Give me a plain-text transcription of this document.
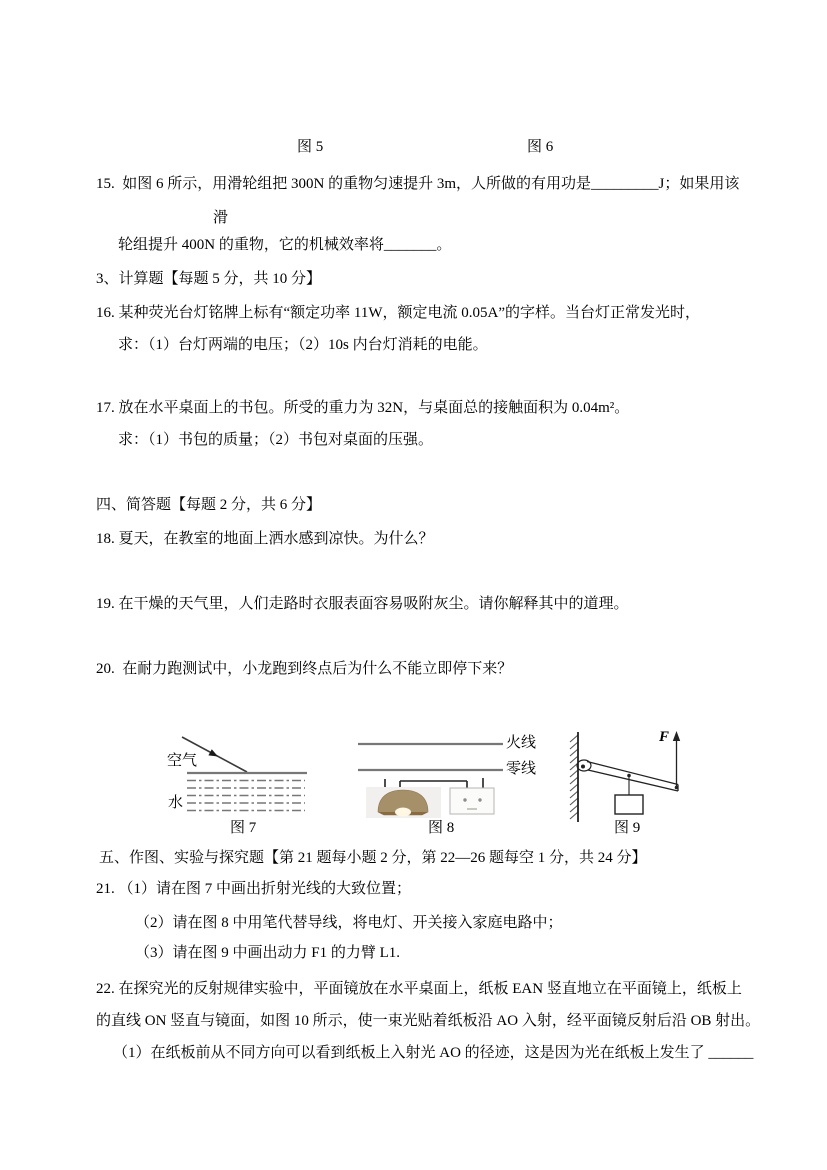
图 5	图 6
15.  如图 6 所示，用滑轮组把 300N 的重物匀速提升 3m，人所做的有用功是_________J；如果用该
滑
轮组提升 400N 的重物，它的机械效率将_______。
3、计算题【每题 5 分，共 10 分】
16. 某种荧光台灯铭牌上标有“额定功率 11W，额定电流 0.05A”的字样。当台灯正常发光时，
求：（1）台灯两端的电压；（2）10s 内台灯消耗的电能。
17. 放在水平桌面上的书包。所受的重力为 32N，与桌面总的接触面积为 0.04m²。
求：（1）书包的质量；（2）书包对桌面的压强。
四、简答题【每题 2 分，共 6 分】
18. 夏天，在教室的地面上洒水感到凉快。为什么？
19. 在干燥的天气里，人们走路时衣服表面容易吸附灰尘。请你解释其中的道理。
20.  在耐力跑测试中，小龙跑到终点后为什么不能立即停下来？
空气
水
图 7
火线
零线
图 8
F
图 9
五、作图、实验与探究题【第 21 题每小题 2 分，第 22—26 题每空 1 分，共 24 分】
21. （1）请在图 7 中画出折射光线的大致位置；
（2）请在图 8 中用笔代替导线，将电灯、开关接入家庭电路中；
（3）请在图 9 中画出动力 F1 的力臂 L1.
22. 在探究光的反射规律实验中，平面镜放在水平桌面上，纸板 EAN 竖直地立在平面镜上，纸板上
的直线 ON 竖直与镜面，如图 10 所示，使一束光贴着纸板沿 AO 入射，经平面镜反射后沿 OB 射出。
（1）在纸板前从不同方向可以看到纸板上入射光 AO 的径迹，这是因为光在纸板上发生了 ______
